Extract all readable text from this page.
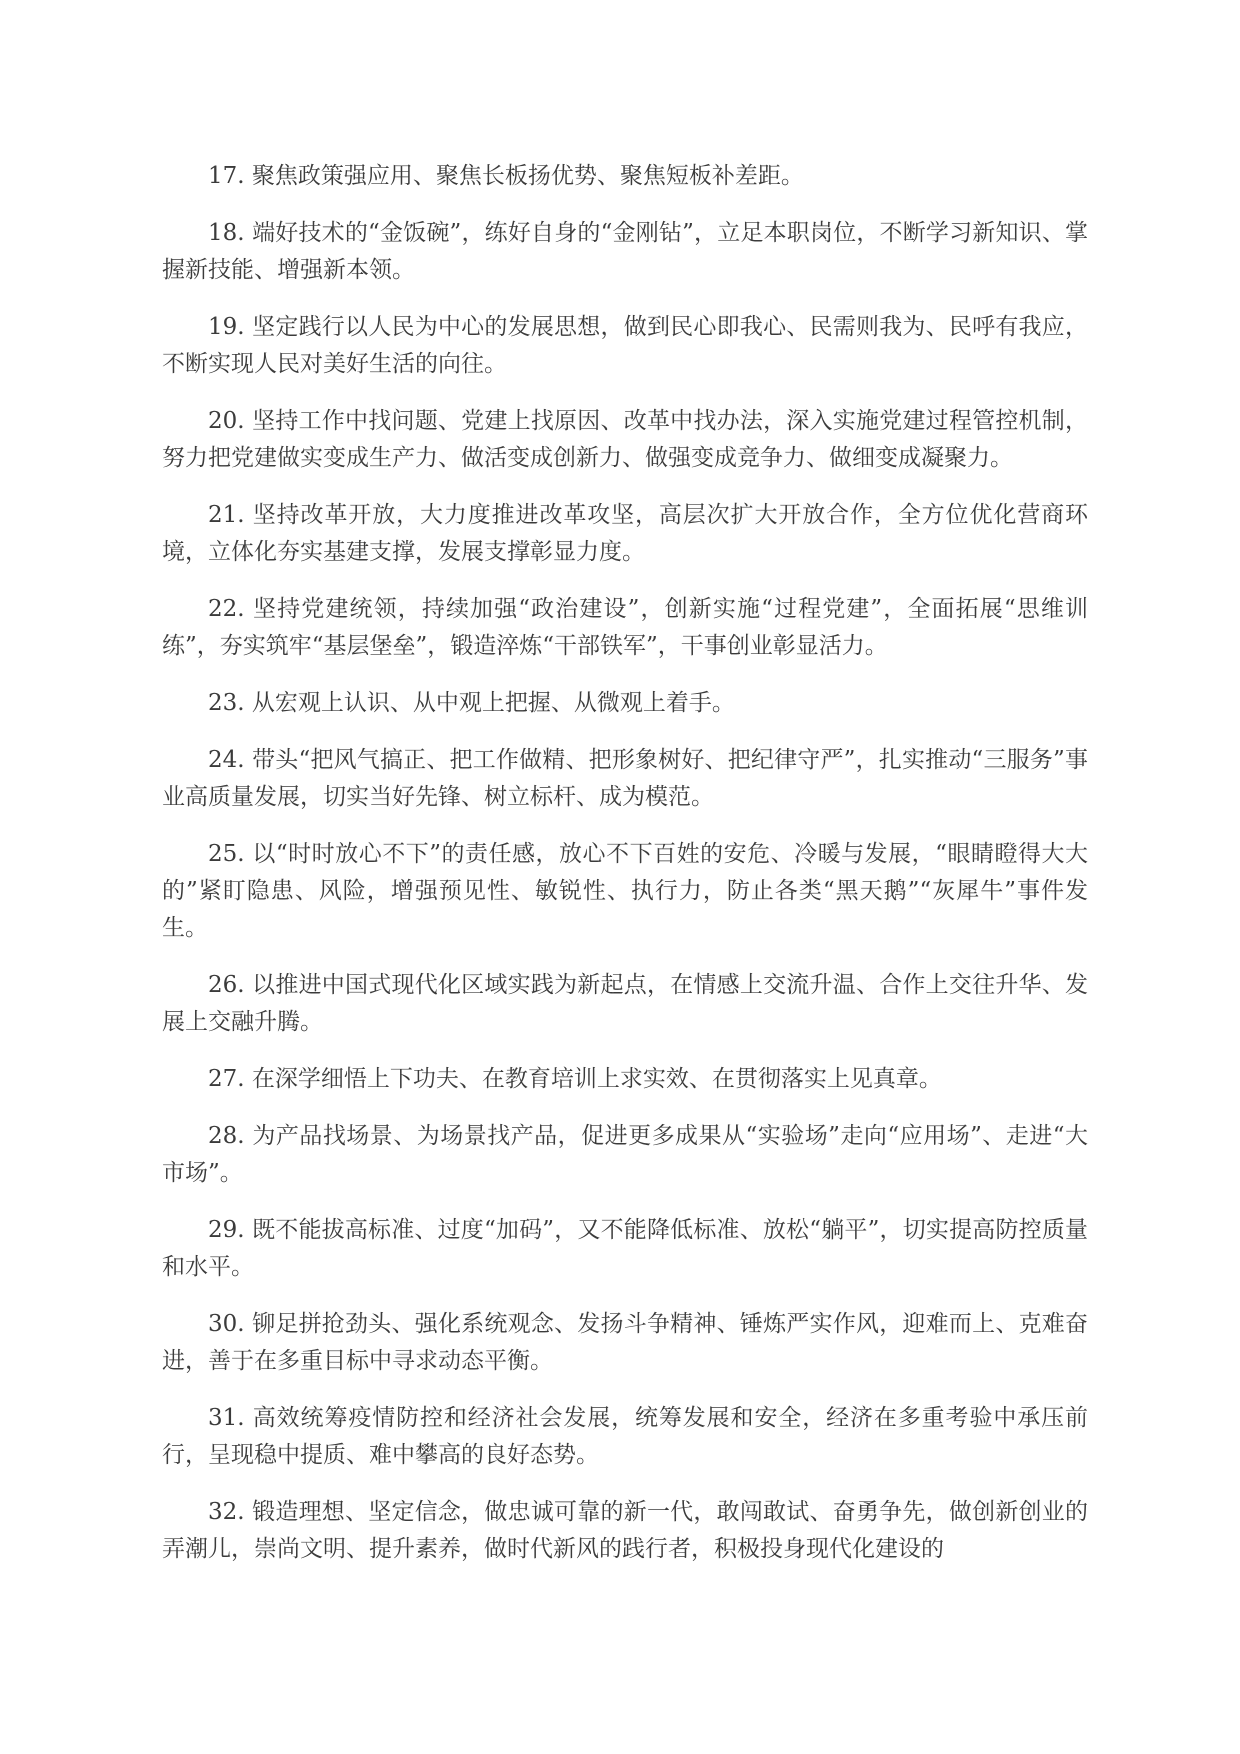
17. 聚焦政策强应用、聚焦长板扬优势、聚焦短板补差距。

18. 端好技术的“金饭碗”，练好自身的“金刚钻”，立足本职岗位，不断学习新知识、掌握新技能、增强新本领。

19. 坚定践行以人民为中心的发展思想，做到民心即我心、民需则我为、民呼有我应，不断实现人民对美好生活的向往。

20. 坚持工作中找问题、党建上找原因、改革中找办法，深入实施党建过程管控机制，努力把党建做实变成生产力、做活变成创新力、做强变成竞争力、做细变成凝聚力。

21. 坚持改革开放，大力度推进改革攻坚，高层次扩大开放合作，全方位优化营商环境，立体化夯实基建支撑，发展支撑彰显力度。

22. 坚持党建统领，持续加强“政治建设”，创新实施“过程党建”，全面拓展“思维训练”，夯实筑牢“基层堡垒”，锻造淬炼“干部铁军”，干事创业彰显活力。

23. 从宏观上认识、从中观上把握、从微观上着手。

24. 带头“把风气搞正、把工作做精、把形象树好、把纪律守严”，扎实推动“三服务”事业高质量发展，切实当好先锋、树立标杆、成为模范。

25. 以“时时放心不下”的责任感，放心不下百姓的安危、冷暖与发展，“眼睛瞪得大大的”紧盯隐患、风险，增强预见性、敏锐性、执行力，防止各类“黑天鹅”“灰犀牛”事件发生。

26. 以推进中国式现代化区域实践为新起点，在情感上交流升温、合作上交往升华、发展上交融升腾。

27. 在深学细悟上下功夫、在教育培训上求实效、在贯彻落实上见真章。

28. 为产品找场景、为场景找产品，促进更多成果从“实验场”走向“应用场”、走进“大市场”。

29. 既不能拔高标准、过度“加码”，又不能降低标准、放松“躺平”，切实提高防控质量和水平。

30. 铆足拼抢劲头、强化系统观念、发扬斗争精神、锤炼严实作风，迎难而上、克难奋进，善于在多重目标中寻求动态平衡。

31. 高效统筹疫情防控和经济社会发展，统筹发展和安全，经济在多重考验中承压前行，呈现稳中提质、难中攀高的良好态势。

32. 锻造理想、坚定信念，做忠诚可靠的新一代，敢闯敢试、奋勇争先，做创新创业的弄潮儿，崇尚文明、提升素养，做时代新风的践行者，积极投身现代化建设的
